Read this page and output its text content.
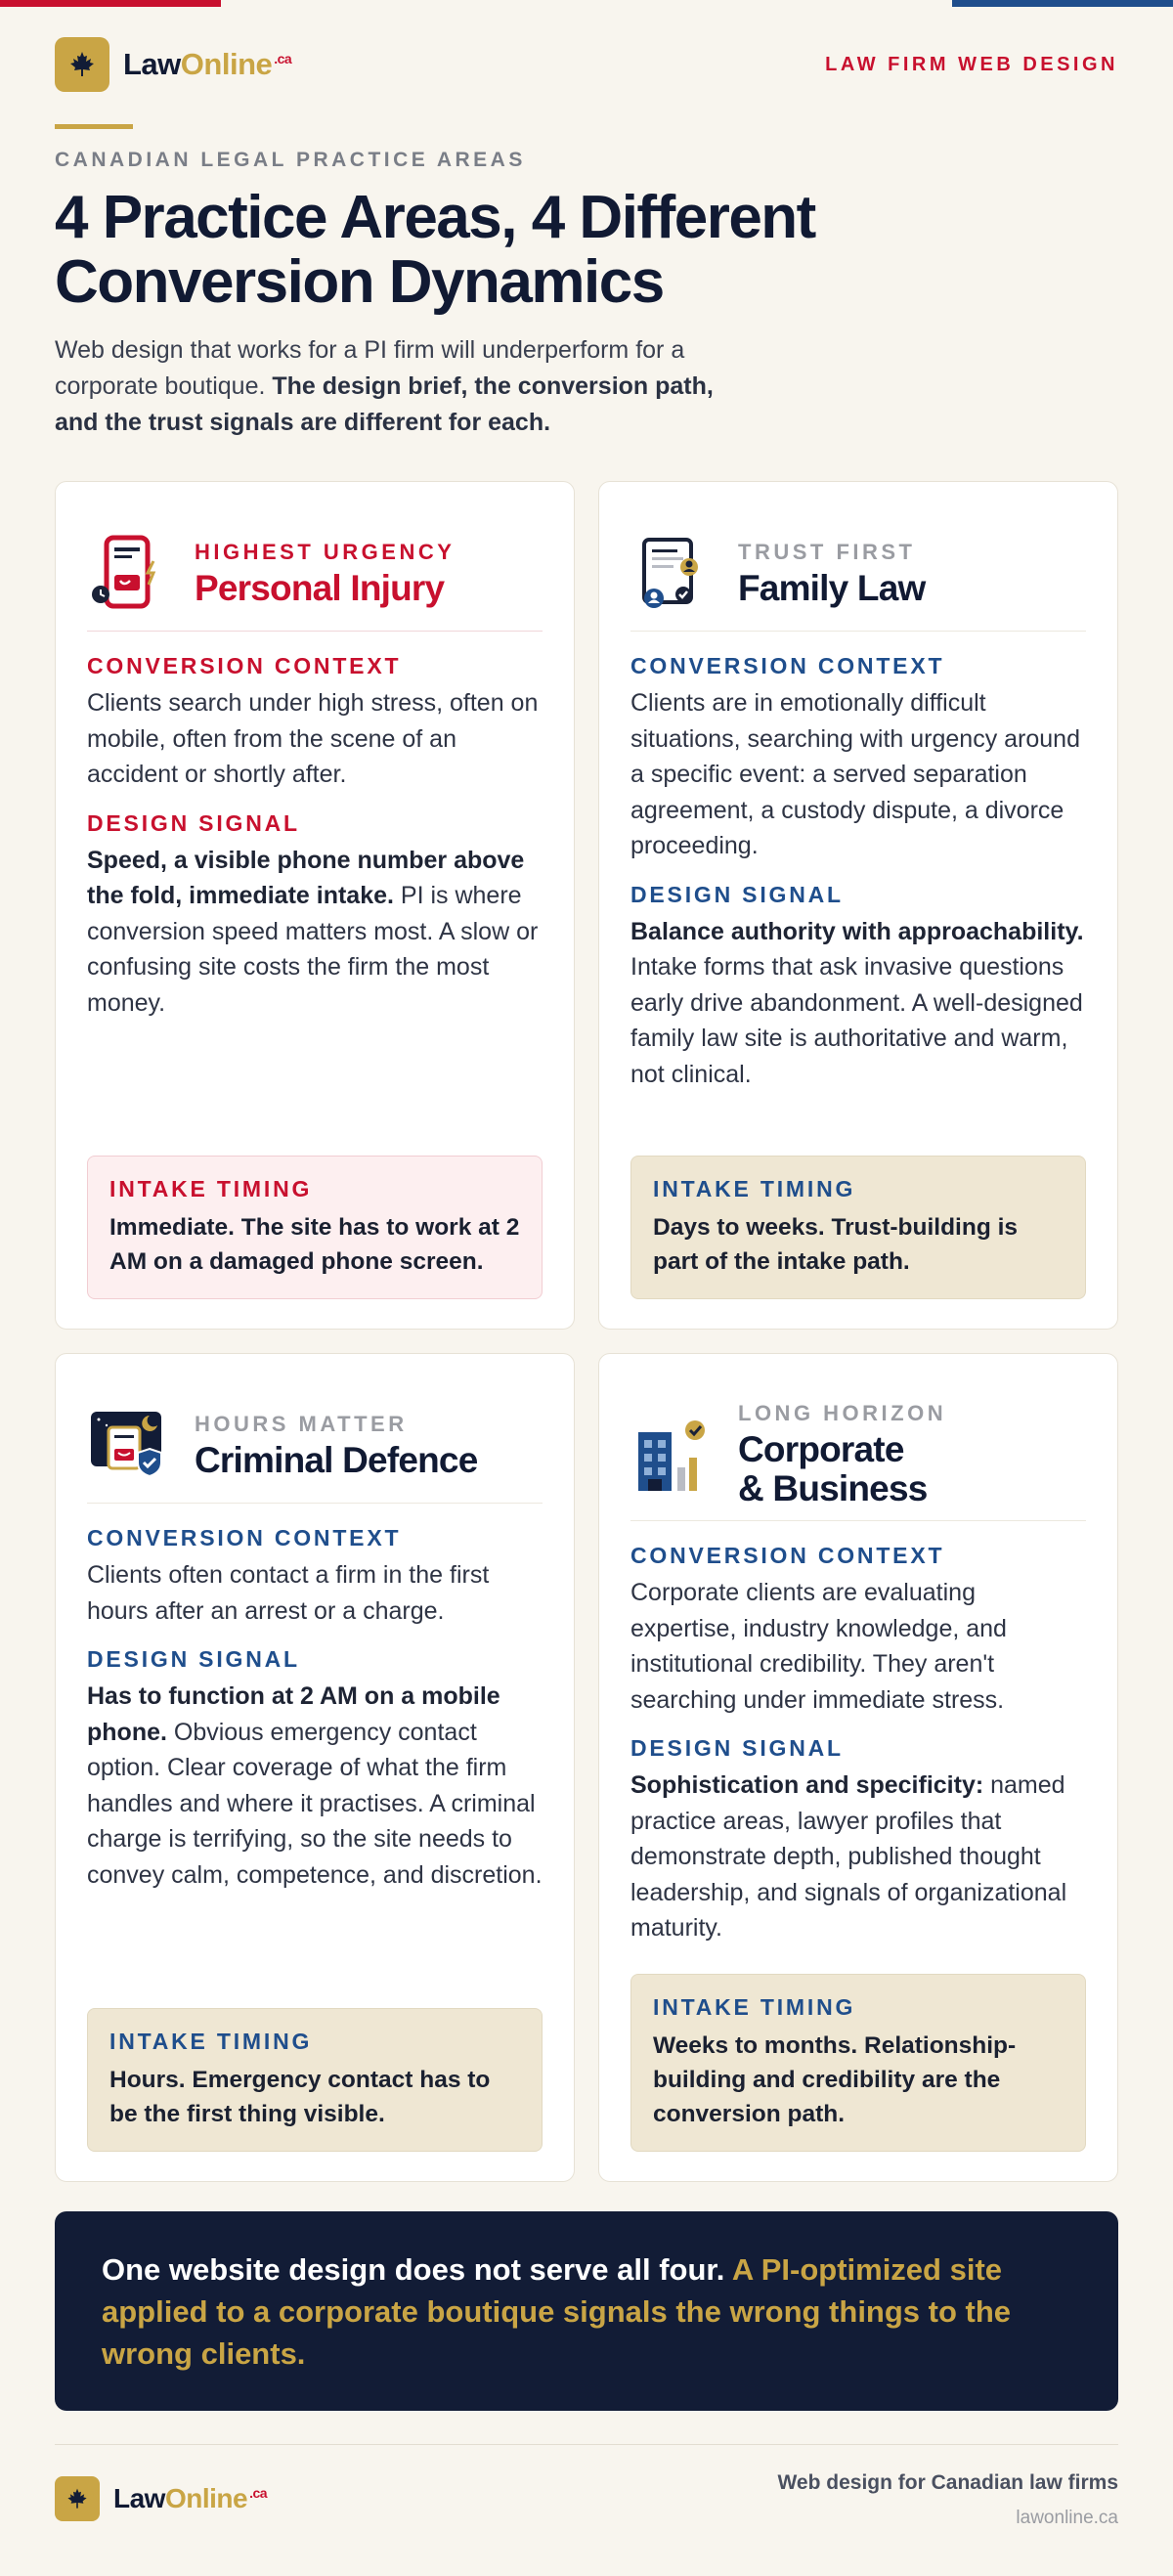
LawOnline $^{.ca}$	LAW FIRM WEB DESIGN
CANADIAN LEGAL PRACTICE AREAS
4 Practice Areas, 4 Different
Conversion Dynamics

Web design that works for a PI firm will underperform for a corporate boutique. The design brief, the conversion path, and the trust signals are different for each.

HIGHEST URGENCY
Personal Injury
CONVERSION CONTEXT

Clients search under high stress, often on mobile, often from the scene of an accident or shortly after.

DESIGN SIGNAL

Speed, a visible phone number above the fold, immediate intake. PI is where conversion speed matters most. A slow or confusing site costs the firm the most money.

INTAKE TIMING
Immediate. The site has to work at 2 AM on a damaged phone screen.
TRUST FIRST
Family Law
CONVERSION CONTEXT

Clients are in emotionally difficult situations, searching with urgency around a specific event: a served separation agreement, a custody dispute, a divorce proceeding.

DESIGN SIGNAL

Balance authority with approachability. Intake forms that ask invasive questions early drive abandonment. A well-designed family law site is authoritative and warm, not clinical.

INTAKE TIMING
Days to weeks. Trust-building is part of the intake path.
HOURS MATTER
Criminal Defence
CONVERSION CONTEXT

Clients often contact a firm in the first hours after an arrest or a charge.

DESIGN SIGNAL

Has to function at 2 AM on a mobile phone. Obvious emergency contact option. Clear coverage of what the firm handles and where it practises. A criminal charge is terrifying, so the site needs to convey calm, competence, and discretion.

INTAKE TIMING
Hours. Emergency contact has to be the first thing visible.
LONG HORIZON
Corporate
& Business
CONVERSION CONTEXT

Corporate clients are evaluating expertise, industry knowledge, and institutional credibility. They aren't searching under immediate stress.

DESIGN SIGNAL

Sophistication and specificity: named practice areas, lawyer profiles that demonstrate depth, published thought leadership, and signals of organizational maturity.

INTAKE TIMING
Weeks to months. Relationship-building and credibility are the conversion path.

One website design does not serve all four. A PI-optimized site applied to a corporate boutique signals the wrong things to the wrong clients.

LawOnline $^{.ca}$	Web design for Canadian law firms
lawonline.ca
